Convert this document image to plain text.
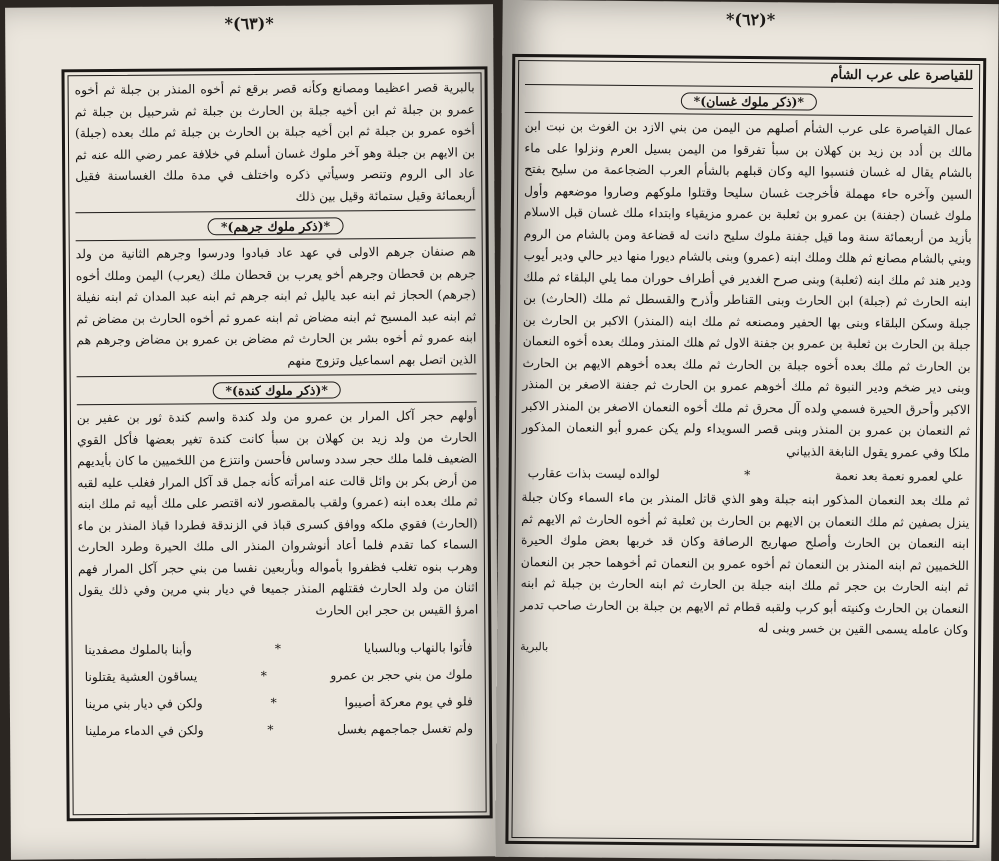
*(٦٣)*

بالبرية قصر اعظيما ومصانع وكأنه قصر برقع ثم أخوه المنذر بن جبلة ثم أخوه عمرو بن جبلة ثم ابن أخيه جبلة بن الحارث بن جبلة ثم شرحبيل بن جبلة ثم أخوه عمرو بن جبلة ثم ابن أخيه جبلة بن الحارث بن جبلة ثم ملك بعده (جبلة) بن الايهم بن جبلة وهو آخر ملوك غسان أسلم في خلافة عمر رضي الله عنه ثم عاد الى الروم وتنصر وسيأتي ذكره واختلف في مدة ملك الغساسنة فقيل أربعمائة وقيل ستمائة وقيل بين ذلك

*(ذكر ملوك جرهم)*

هم صنفان جرهم الاولى في عهد عاد فبادوا ودرسوا وجرهم الثانية من ولد جرهم بن قحطان وجرهم أخو يعرب بن قحطان ملك (يعرب) اليمن وملك أخوه (جرهم) الحجاز ثم ابنه عبد ياليل ثم ابنه جرهم ثم ابنه عبد المدان ثم ابنه نفيلة ثم ابنه عبد المسيح ثم ابنه مضاض ثم ابنه عمرو ثم أخوه الحارث بن مضاض ثم ابنه عمرو ثم أخوه بشر بن الحارث ثم مضاض بن عمرو بن مضاض وجرهم هم الذين اتصل بهم اسماعيل وتزوج منهم

*(ذكر ملوك كندة)*

أولهم حجر آكل المرار بن عمرو من ولد كندة واسم كندة ثور بن عفير بن الحارث من ولد زيد بن كهلان بن سبأ كانت كندة تغير بعضها فأكل القوي الضعيف فلما ملك حجر سدد وساس فأحسن وانتزع من اللخميين ما كان بأيديهم من أرض بكر بن وائل قالت عنه امرأته كأنه جمل قد آكل المرار فغلب عليه لقبه ثم ملك بعده ابنه (عمرو) ولقب بالمقصور لانه اقتصر على ملك أبيه ثم ملك ابنه (الحارث) فقوي ملكه ووافق كسرى قباذ في الزندقة فطردا قباذ المنذر بن ماء السماء كما تقدم فلما أعاد أنوشروان المنذر الى ملك الحيرة وطرد الحارث وهرب بنوه تغلب فظفروا بأمواله وبأربعين نفسا من بني حجر آكل المرار فهم اثنان من ولد الحارث فقتلهم المنذر جميعا في ديار بني مرين وفي ذلك يقول امرؤ القيس بن حجر ابن الحارث

فأتوا بالنهاب وبالسبايا
*
وأبنا بالملوك مصفدينا
ملوك من بني حجر بن عمرو
*
يساقون العشية يقتلونا
فلو في يوم معركة أصيبوا
*
ولكن في ديار بني مرينا
ولم تغسل جماجمهم بغسل
*
ولكن في الدماء مرملينا
*(٦٢)*
للقياصرة على عرب الشأم
*(ذكر ملوك غسان)*

عمال القياصرة على عرب الشأم أصلهم من اليمن من بني الازد بن الغوث بن نبت ابن مالك بن أدد بن زيد بن كهلان بن سبأ تفرقوا من اليمن بسيل العرم ونزلوا على ماء بالشام يقال له غسان فنسبوا اليه وكان قبلهم بالشأم العرب الضجاعمة من سليح بفتح السين وآخره حاء مهملة فأخرجت غسان سليحا وقتلوا ملوكهم وصاروا موضعهم وأول ملوك غسان (جفنة) بن عمرو بن ثعلبة بن عمرو مزيقياء وابتداء ملك غسان قبل الاسلام بأزيد من أربعمائة سنة وما قيل جفنة ملوك سليح دانت له قضاعة ومن بالشام من الروم وبني بالشام مصانع ثم هلك وملك ابنه (عمرو) وبنى بالشام ديورا منها دير حالي ودير أيوب ودير هند ثم ملك ابنه (ثعلبة) وبنى صرح الغدير في أطراف حوران مما يلي البلقاء ثم ملك ابنه الحارث ثم (جبلة) ابن الحارث وبنى القناطر وأذرح والقسطل ثم ملك (الحارث) بن جبلة وسكن البلقاء وبنى بها الحفير ومصنعه ثم ملك ابنه (المنذر) الاكبر بن الحارث بن جبلة بن الحارث بن ثعلبة بن عمرو بن جفنة الاول ثم هلك المنذر وملك بعده أخوه النعمان بن الحارث ثم ملك بعده أخوه جبلة بن الحارث ثم ملك بعده أخوهم الايهم بن الحارث وبنى دير ضخم ودير النبوة ثم ملك أخوهم عمرو بن الحارث ثم جفنة الاصغر بن المنذر الاكبر وأحرق الحيرة فسمي ولده آل محرق ثم ملك أخوه النعمان الاصغر بن المنذر الاكبر ثم النعمان بن عمرو بن المنذر وبنى قصر السويداء ولم يكن عمرو أبو النعمان المذكور ملكا وفي عمرو يقول النابغة الذبياني

علي لعمرو نعمة بعد نعمة
*
لوالده ليست بذات عقارب

ثم ملك بعد النعمان المذكور ابنه جبلة وهو الذي قاتل المنذر بن ماء السماء وكان جبلة ينزل بصفين ثم ملك النعمان بن الايهم بن الحارث بن ثعلبة ثم أخوه الحارث ثم الايهم ثم ابنه النعمان بن الحارث وأصلح صهاريج الرصافة وكان قد خربها بعض ملوك الحيرة اللخميين ثم ابنه المنذر بن النعمان ثم أخوه عمرو بن النعمان ثم أخوهما حجر بن النعمان ثم ابنه الحارث بن حجر ثم ملك ابنه جبلة بن الحارث ثم ابنه الحارث بن جبلة ثم ابنه النعمان بن الحارث وكنيته أبو كرب ولقبه قطام ثم الايهم بن جبلة بن الحارث صاحب تدمر وكان عامله يسمى القين بن خسر وبنى له

بالبرية
